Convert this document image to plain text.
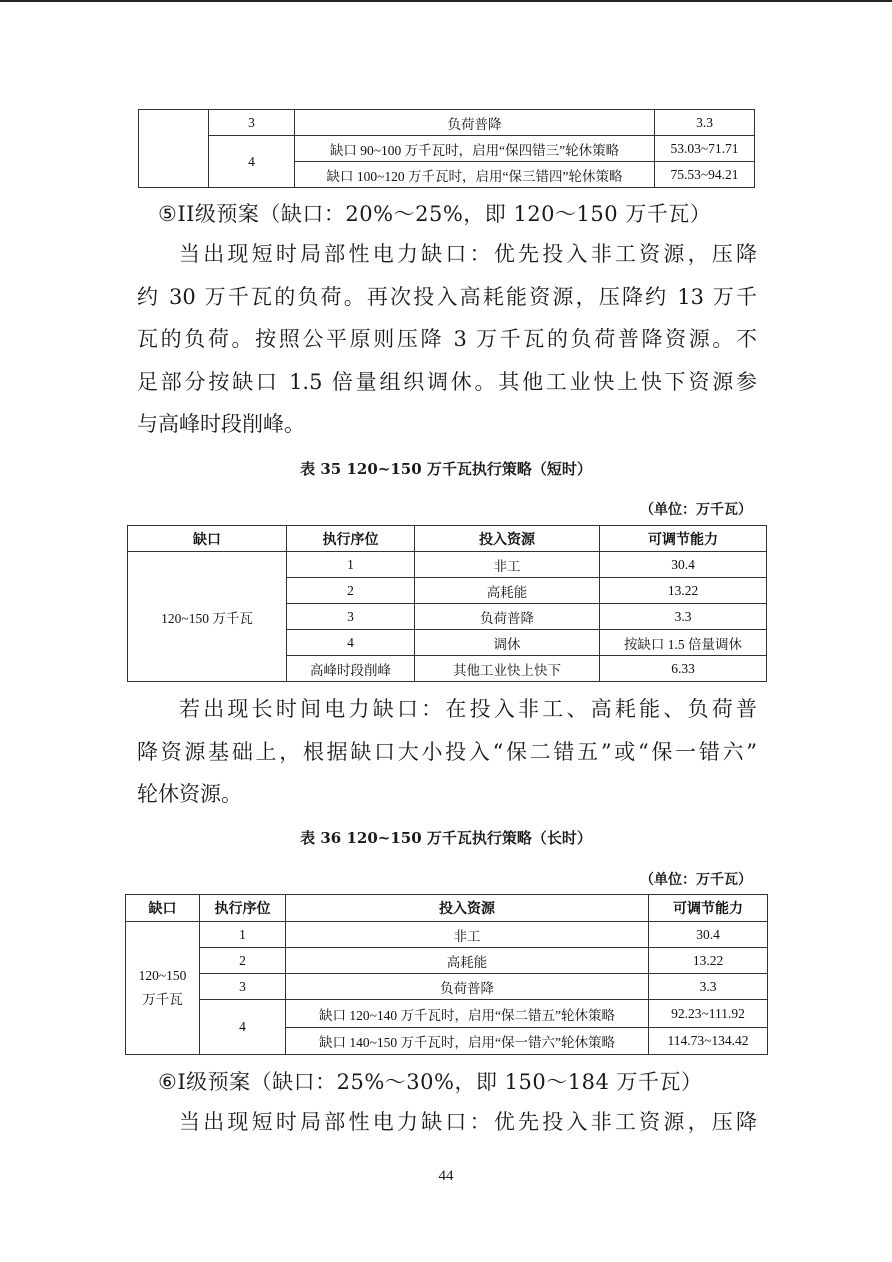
	3	负荷普降	3.3
	4	缺口 90~100 万千瓦时，启用“保四错三”轮休策略	53.03~71.71
		缺口 100~120 万千瓦时，启用“保三错四”轮休策略	75.53~94.21
⑤II级预案（缺口：20%～25%，即 120～150 万千瓦）
当出现短时局部性电力缺口：优先投入非工资源，压降
约 30 万千瓦的负荷。再次投入高耗能资源，压降约 13 万千
瓦的负荷。按照公平原则压降 3 万千瓦的负荷普降资源。不
足部分按缺口 1.5 倍量组织调休。其他工业快上快下资源参
与高峰时段削峰。
表 35 120~150 万千瓦执行策略（短时）
（单位：万千瓦）
缺口	执行序位	投入资源	可调节能力
120~150 万千瓦	1	非工	30.4
	2	高耗能	13.22
	3	负荷普降	3.3
	4	调休	按缺口 1.5 倍量调休
	高峰时段削峰	其他工业快上快下	6.33
若出现长时间电力缺口：在投入非工、高耗能、负荷普
降资源基础上，根据缺口大小投入“保二错五”或“保一错六”
轮休资源。
表 36 120~150 万千瓦执行策略（长时）
（单位：万千瓦）
缺口	执行序位	投入资源	可调节能力

120~150
万千瓦	1	非工	30.4
	2	高耗能	13.22
	3	负荷普降	3.3
	4	缺口 120~140 万千瓦时，启用“保二错五”轮休策略	92.23~111.92
		缺口 140~150 万千瓦时，启用“保一错六”轮休策略	114.73~134.42
⑥I级预案（缺口：25%～30%，即 150～184 万千瓦）
当出现短时局部性电力缺口：优先投入非工资源，压降
44
